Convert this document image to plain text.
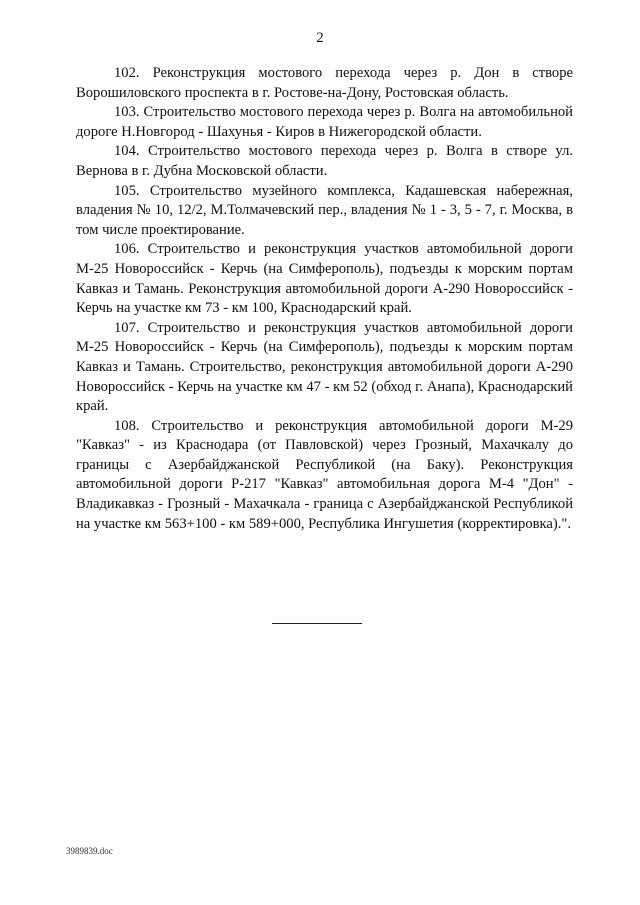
2

102. Реконструкция мостового перехода через р. Дон в створе Ворошиловского проспекта в г. Ростове-на-Дону, Ростовская область.

103. Строительство мостового перехода через р. Волга на автомобильной дороге Н.Новгород - Шахунья - Киров в Нижегородской области.

104. Строительство мостового перехода через р. Волга в створе ул. Вернова в г. Дубна Московской области.

105. Строительство музейного комплекса, Кадашевская набережная, владения № 10, 12/2, М.Толмачевский пер., владения № 1 - 3, 5 - 7, г. Москва, в том числе проектирование.

106. Строительство и реконструкция участков автомобильной дороги М-25 Новороссийск - Керчь (на Симферополь), подъезды к морским портам Кавказ и Тамань. Реконструкция автомобильной дороги А-290 Новороссийск - Керчь на участке км 73 - км 100, Краснодарский край.

107. Строительство и реконструкция участков автомобильной дороги М-25 Новороссийск - Керчь (на Симферополь), подъезды к морским портам Кавказ и Тамань. Строительство, реконструкция автомобильной дороги А-290 Новороссийск - Керчь на участке км 47 - км 52 (обход г. Анапа), Краснодарский край.

108. Строительство и реконструкция автомобильной дороги М-29 "Кавказ" - из Краснодара (от Павловской) через Грозный, Махачкалу до границы с Азербайджанской Республикой (на Баку). Реконструкция автомобильной дороги Р-217 "Кавказ" автомобильная дорога М-4 "Дон" - Владикавказ - Грозный - Махачкала - граница с Азербайджанской Республикой на участке км 563+100 - км 589+000, Республика Ингушетия (корректировка).".

3989839.doc
